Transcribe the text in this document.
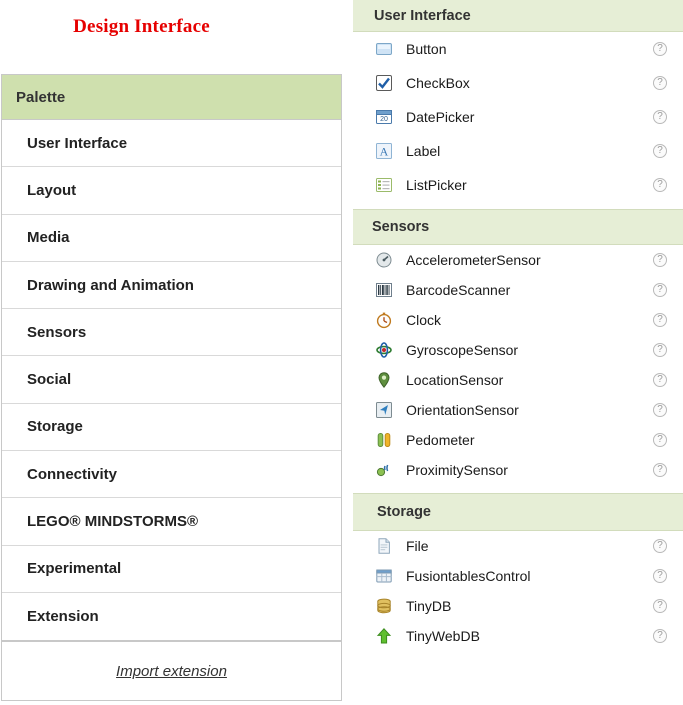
Design Interface
Palette
User Interface
Layout
Media
Drawing and Animation
Sensors
Social
Storage
Connectivity
LEGO® MINDSTORMS®
Experimental
Extension
Import extension
User Interface
Button	?
CheckBox	?
20 DatePicker	?
A Label	?
ListPicker	?
Sensors
AccelerometerSensor	?
BarcodeScanner	?
Clock	?
GyroscopeSensor	?
LocationSensor	?
OrientationSensor	?
Pedometer	?
ProximitySensor	?
Storage
File	?
FusiontablesControl	?
TinyDB	?
TinyWebDB	?
